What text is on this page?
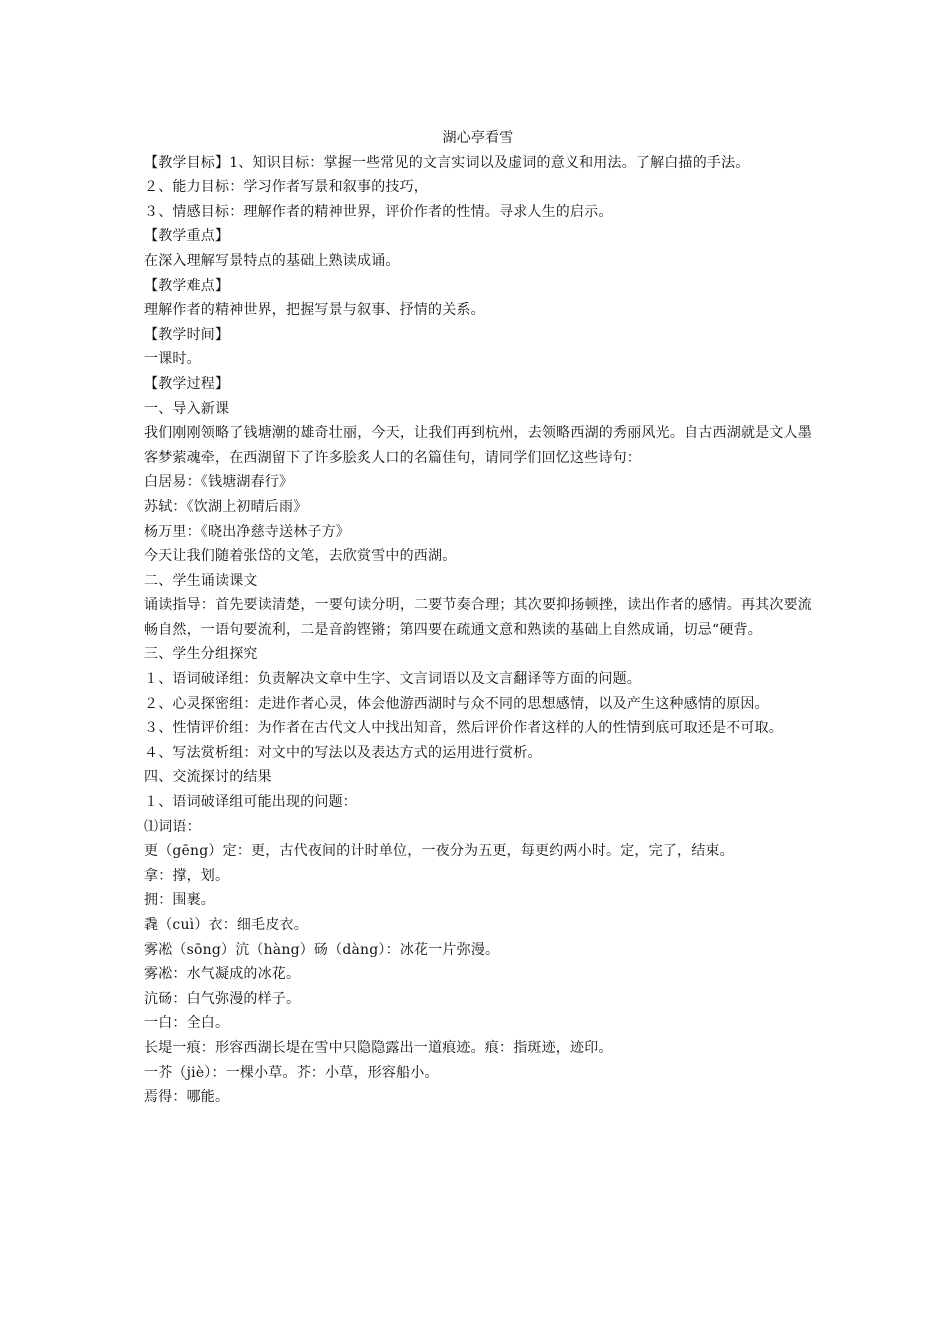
湖心亭看雪

【教学目标】1、知识目标：掌握一些常见的文言实词以及虚词的意义和用法。了解白描的手法。

２、能力目标：学习作者写景和叙事的技巧，

３、情感目标：理解作者的精神世界，评价作者的性情。寻求人生的启示。

【教学重点】

在深入理解写景特点的基础上熟读成诵。

【教学难点】

理解作者的精神世界，把握写景与叙事、抒情的关系。

【教学时间】

一课时。

【教学过程】

一、导入新课

我们刚刚领略了钱塘潮的雄奇壮丽，今天，让我们再到杭州，去领略西湖的秀丽风光。自古西湖就是文人墨客梦萦魂牵，在西湖留下了许多脍炙人口的名篇佳句，请同学们回忆这些诗句：

白居易：《钱塘湖春行》

苏轼：《饮湖上初晴后雨》

杨万里：《晓出净慈寺送林子方》

今天让我们随着张岱的文笔，去欣赏雪中的西湖。

二、学生诵读课文

诵读指导：首先要读清楚，一要句读分明，二要节奏合理；其次要抑扬顿挫，读出作者的感情。再其次要流畅自然，一语句要流利，二是音韵铿锵；第四要在疏通文意和熟读的基础上自然成诵，切忌“硬背。

三、学生分组探究

１、语词破译组：负责解决文章中生字、文言词语以及文言翻译等方面的问题。

２、心灵探密组：走进作者心灵，体会他游西湖时与众不同的思想感情，以及产生这种感情的原因。

３、性情评价组：为作者在古代文人中找出知音，然后评价作者这样的人的性情到底可取还是不可取。

４、写法赏析组：对文中的写法以及表达方式的运用进行赏析。

四、交流探讨的结果

１、语词破译组可能出现的问题：

⑴词语：

更（gēng）定：更，古代夜间的计时单位，一夜分为五更，每更约两小时。定，完了，结束。

拿：撑，划。

拥：围裹。

毳（cuì）衣：细毛皮衣。

雾凇（sōng）沆（hàng）砀（dàng）：冰花一片弥漫。

雾凇：水气凝成的冰花。

沆砀：白气弥漫的样子。

一白：全白。

长堤一痕：形容西湖长堤在雪中只隐隐露出一道痕迹。痕：指斑迹，迹印。

一芥（jiè）：一棵小草。芥：小草，形容船小。

焉得：哪能。
